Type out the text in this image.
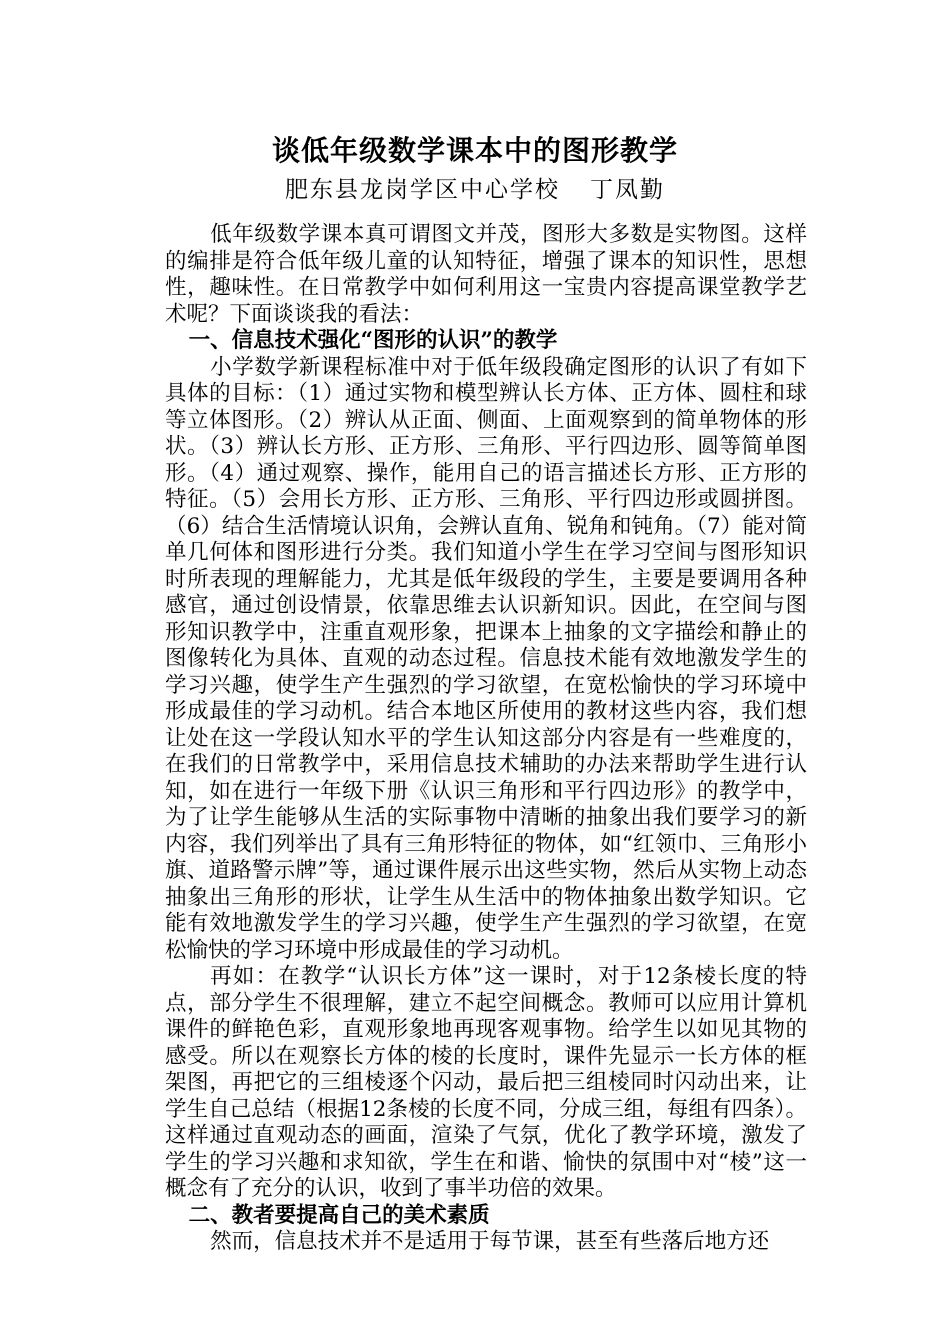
谈低年级数学课本中的图形教学
肥东县龙岗学区中心学校 丁凤勤

低年级数学课本真可谓图文并茂，图形大多数是实物图。这样的编排是符合低年级儿童的认知特征，增强了课本的知识性，思想性，趣味性。在日常教学中如何利用这一宝贵内容提高课堂教学艺术呢？下面谈谈我的看法：

一、信息技术强化“图形的认识”的教学

小学数学新课程标准中对于低年级段确定图形的认识了有如下具体的目标：（1）通过实物和模型辨认长方体、正方体、圆柱和球等立体图形。（2）辨认从正面、侧面、上面观察到的简单物体的形状。（3）辨认长方形、正方形、三角形、平行四边形、圆等简单图形。（4）通过观察、操作，能用自己的语言描述长方形、正方形的特征。（5）会用长方形、正方形、三角形、平行四边形或圆拼图。（6）结合生活情境认识角，会辨认直角、锐角和钝角。（7）能对简单几何体和图形进行分类。我们知道小学生在学习空间与图形知识时所表现的理解能力，尤其是低年级段的学生，主要是要调用各种感官，通过创设情景，依靠思维去认识新知识。因此，在空间与图形知识教学中，注重直观形象，把课本上抽象的文字描绘和静止的图像转化为具体、直观的动态过程。信息技术能有效地激发学生的学习兴趣，使学生产生强烈的学习欲望，在宽松愉快的学习环境中形成最佳的学习动机。结合本地区所使用的教材这些内容，我们想让处在这一学段认知水平的学生认知这部分内容是有一些难度的，在我们的日常教学中，采用信息技术辅助的办法来帮助学生进行认知，如在进行一年级下册《认识三角形和平行四边形》的教学中，为了让学生能够从生活的实际事物中清晰的抽象出我们要学习的新内容，我们列举出了具有三角形特征的物体，如“红领巾、三角形小旗、道路警示牌”等，通过课件展示出这些实物，然后从实物上动态抽象出三角形的形状，让学生从生活中的物体抽象出数学知识。它能有效地激发学生的学习兴趣，使学生产生强烈的学习欲望，在宽松愉快的学习环境中形成最佳的学习动机。

再如：在教学“认识长方体”这一课时，对于12条棱长度的特点，部分学生不很理解，建立不起空间概念。教师可以应用计算机课件的鲜艳色彩，直观形象地再现客观事物。给学生以如见其物的感受。所以在观察长方体的棱的长度时，课件先显示一长方体的框架图，再把它的三组棱逐个闪动，最后把三组棱同时闪动出来，让学生自己总结（根据12条棱的长度不同，分成三组，每组有四条）。这样通过直观动态的画面，渲染了气氛，优化了教学环境，激发了学生的学习兴趣和求知欲，学生在和谐、愉快的氛围中对“棱”这一概念有了充分的认识，收到了事半功倍的效果。

二、教者要提高自己的美术素质

然而，信息技术并不是适用于每节课，甚至有些落后地方还
